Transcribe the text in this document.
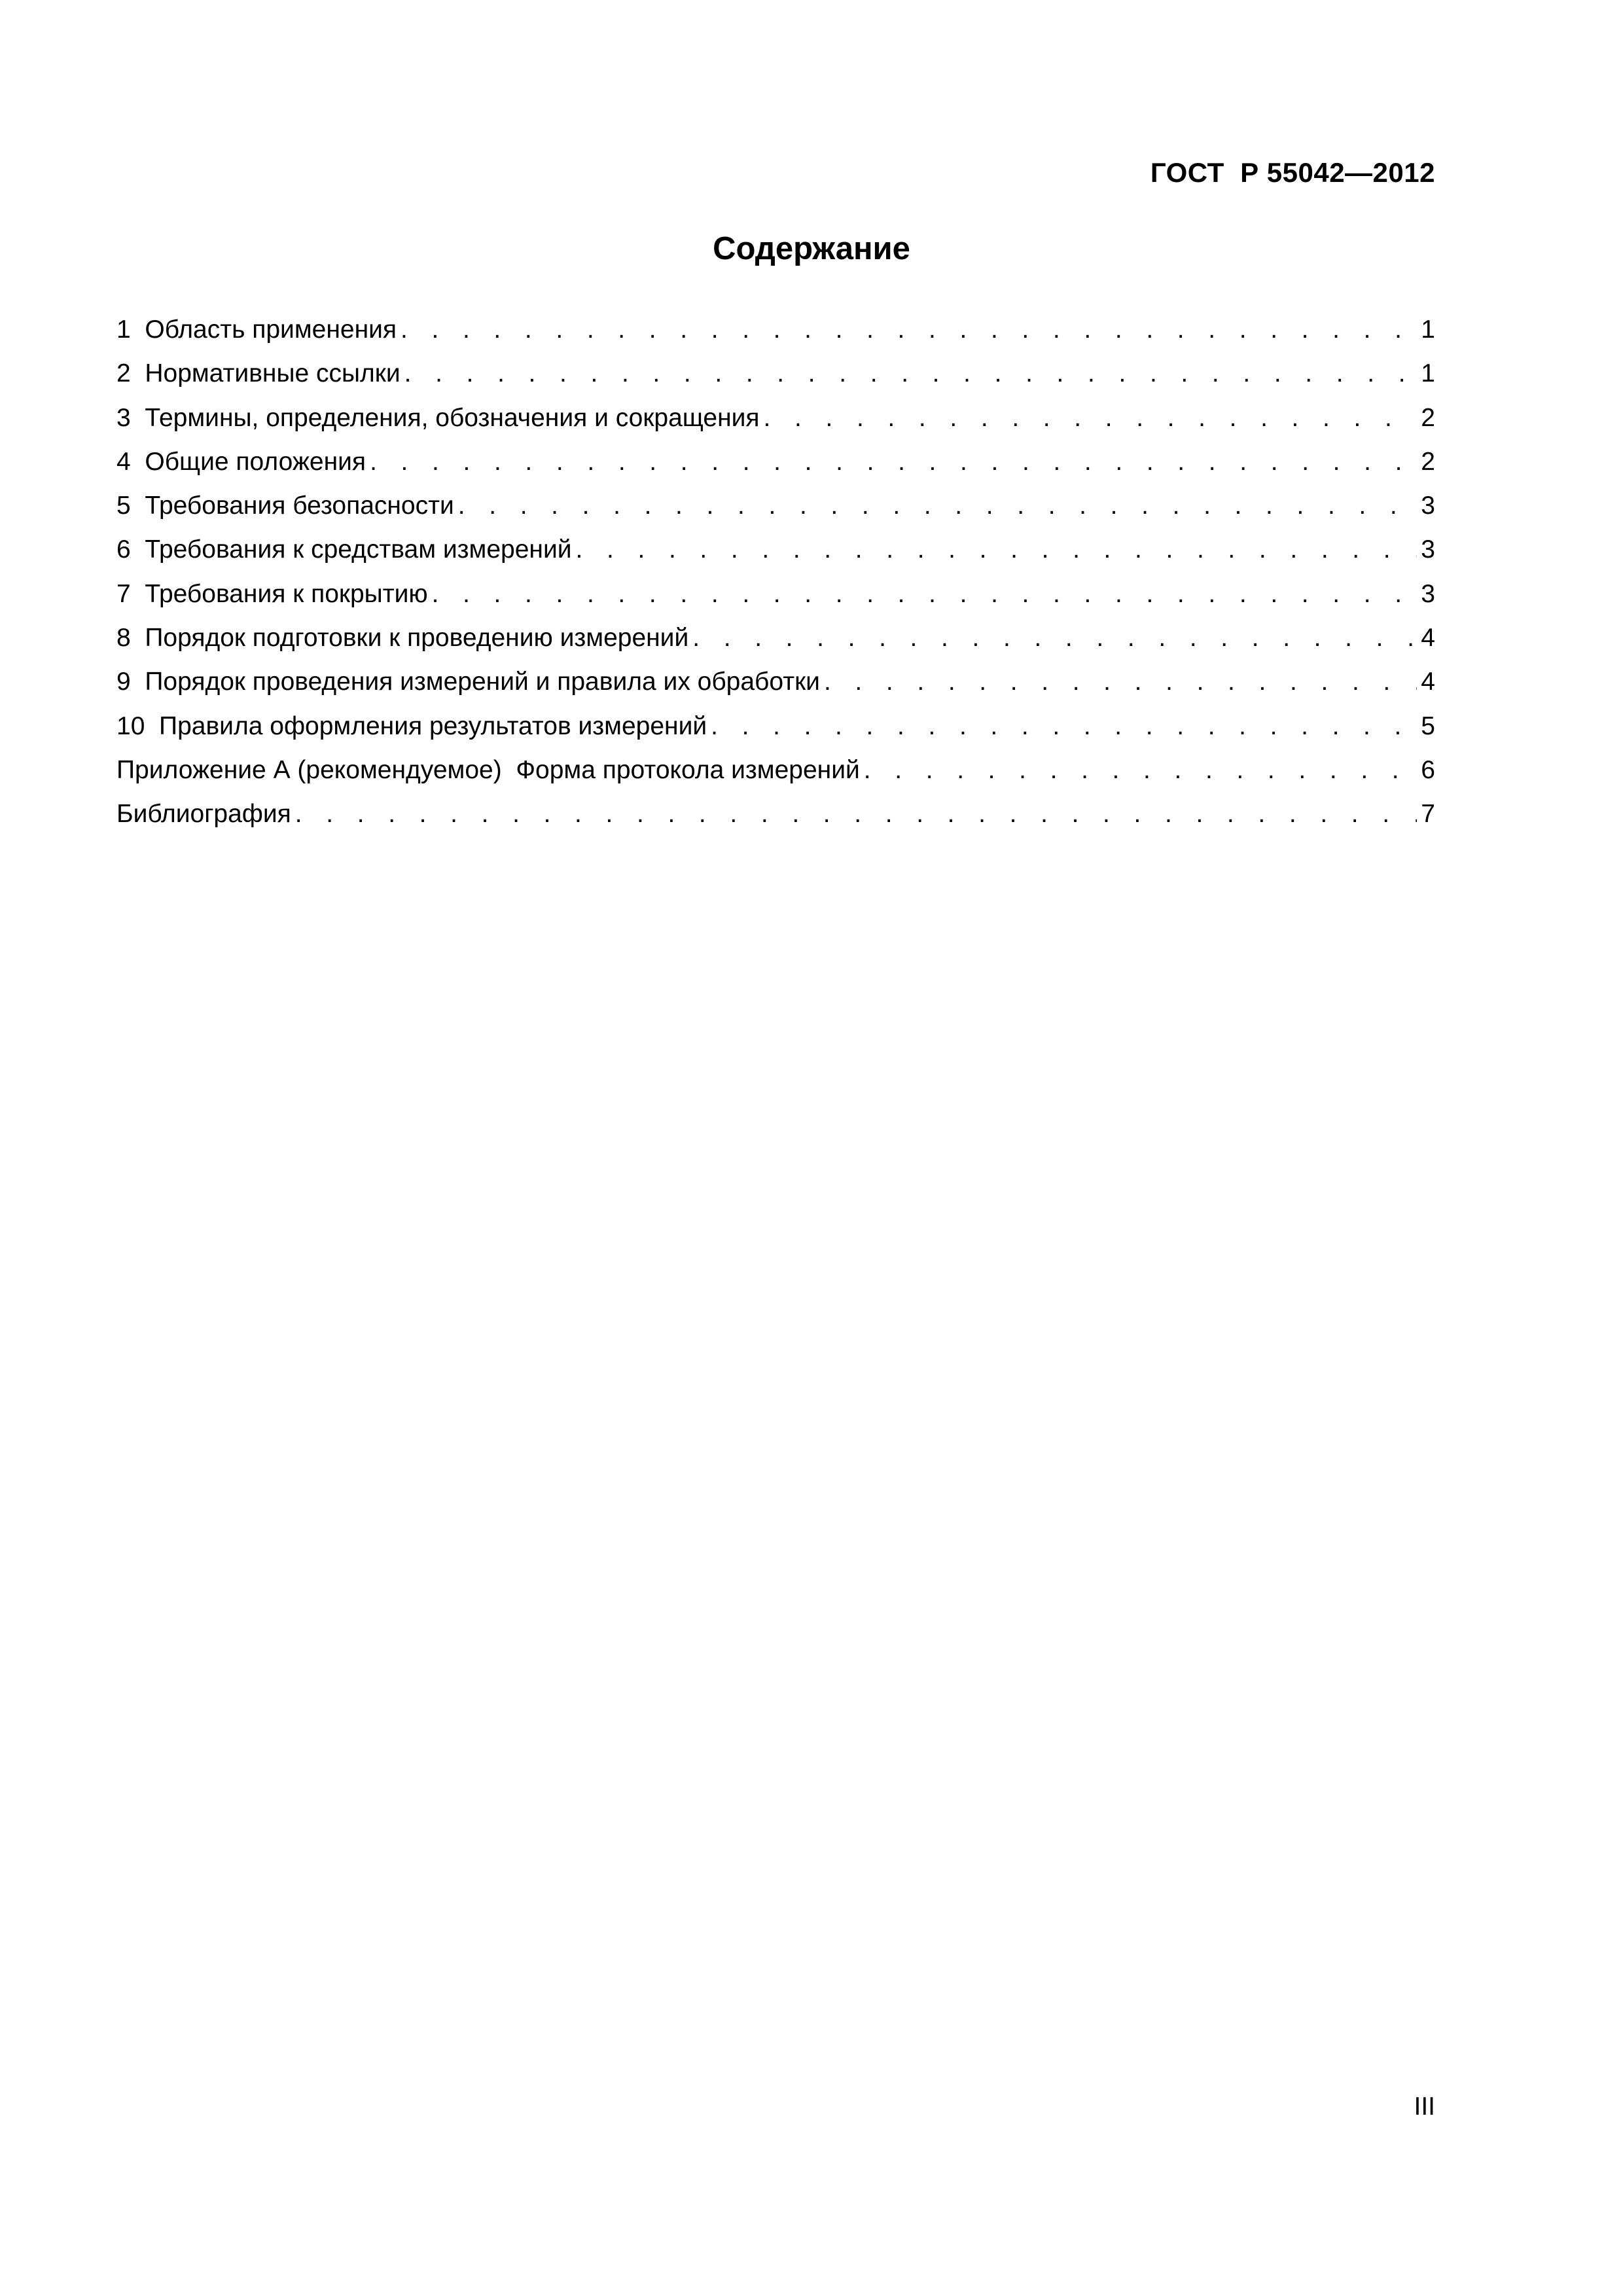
ГОСТ  Р 55042—2012
Содержание
1  Область применения . . .	1
2  Нормативные ссылки . . .	1
3  Термины, определения, обозначения и сокращения . . .	2
4  Общие положения . . .	2
5  Требования безопасности . . .	3
6  Требования к средствам измерений . . .	3
7  Требования к покрытию . . .	3
8  Порядок подготовки к проведению измерений . . .	4
9  Порядок проведения измерений и правила их обработки . . .	4
10  Правила оформления результатов измерений . . .	5
Приложение А (рекомендуемое)  Форма протокола измерений . . .	6
Библиография . . .	7
III
